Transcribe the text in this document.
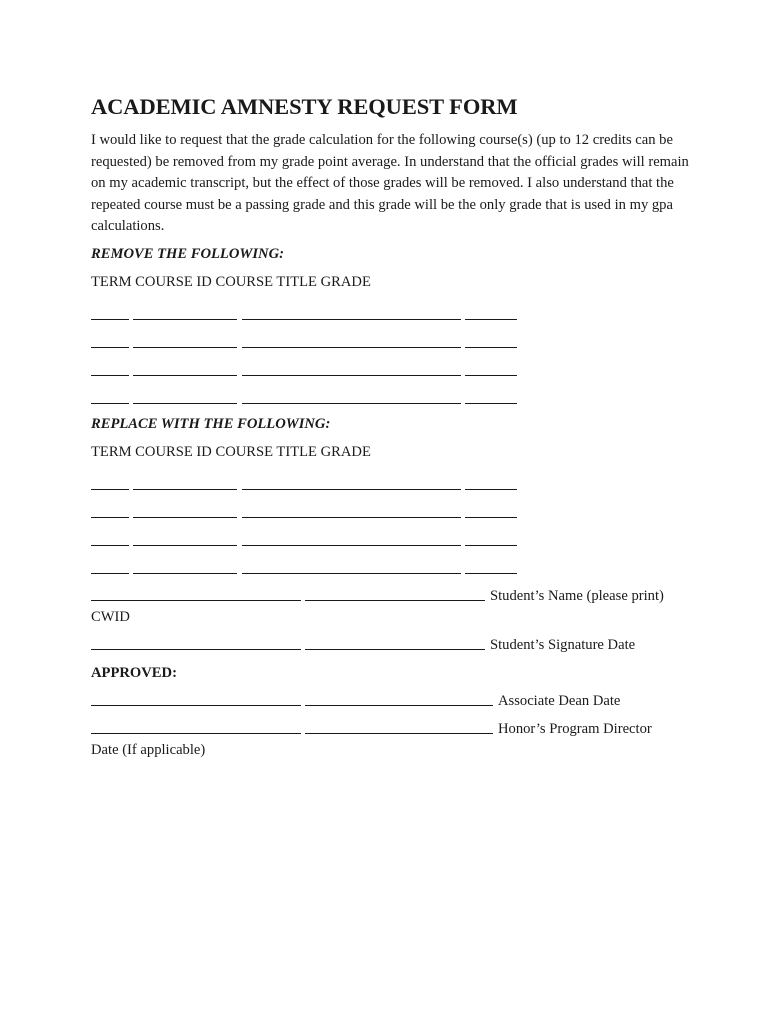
ACADEMIC AMNESTY REQUEST FORM

I would like to request that the grade calculation for the following course(s) (up to 12 credits can be requested) be removed from my grade point average. In understand that the official grades will remain on my academic transcript, but the effect of those grades will be removed. I also understand that the repeated course must be a passing grade and this grade will be the only grade that is used in my gpa calculations.

REMOVE THE FOLLOWING:
TERM COURSE ID COURSE TITLE GRADE
REPLACE WITH THE FOLLOWING:
TERM COURSE ID COURSE TITLE GRADE
Student’s Name (please print)
CWID
Student’s Signature Date
APPROVED:
Associate Dean Date
Honor’s Program Director
Date (If applicable)
